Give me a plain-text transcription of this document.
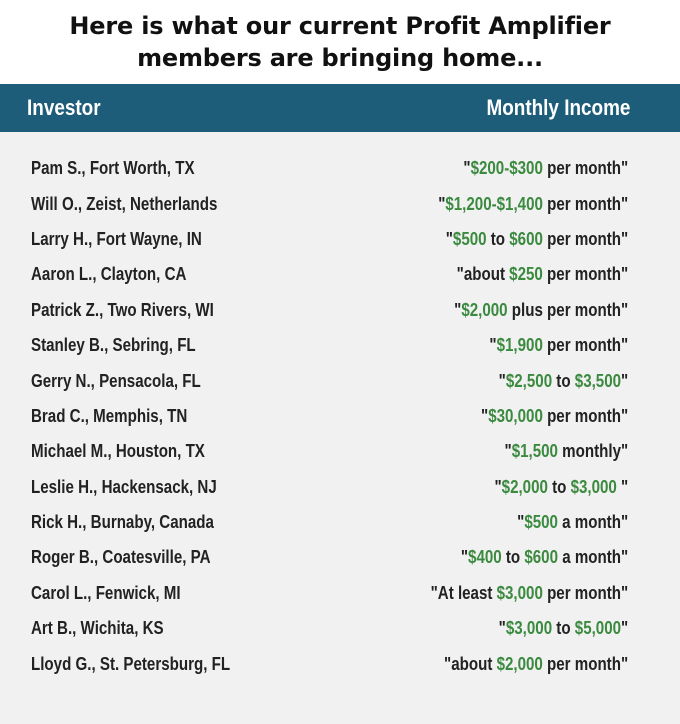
Here is what our current Profit Amplifier
members are bringing home...
Investor	Monthly Income
Pam S., Fort Worth, TX	"$200-$300 per month"
Will O., Zeist, Netherlands	"$1,200-$1,400 per month"
Larry H., Fort Wayne, IN	"$500 to $600 per month"
Aaron L., Clayton, CA	"about $250 per month"
Patrick Z., Two Rivers, WI	"$2,000 plus per month"
Stanley B., Sebring, FL	"$1,900 per month"
Gerry N., Pensacola, FL	"$2,500 to $3,500"
Brad C., Memphis, TN	"$30,000 per month"
Michael M., Houston, TX	"$1,500 monthly"
Leslie H., Hackensack, NJ	"$2,000 to $3,000 "
Rick H., Burnaby, Canada	"$500 a month"
Roger B., Coatesville, PA	"$400 to $600 a month"
Carol L., Fenwick, MI	"At least $3,000 per month"
Art B., Wichita, KS	"$3,000 to $5,000"
Lloyd G., St. Petersburg, FL	"about $2,000 per month"
